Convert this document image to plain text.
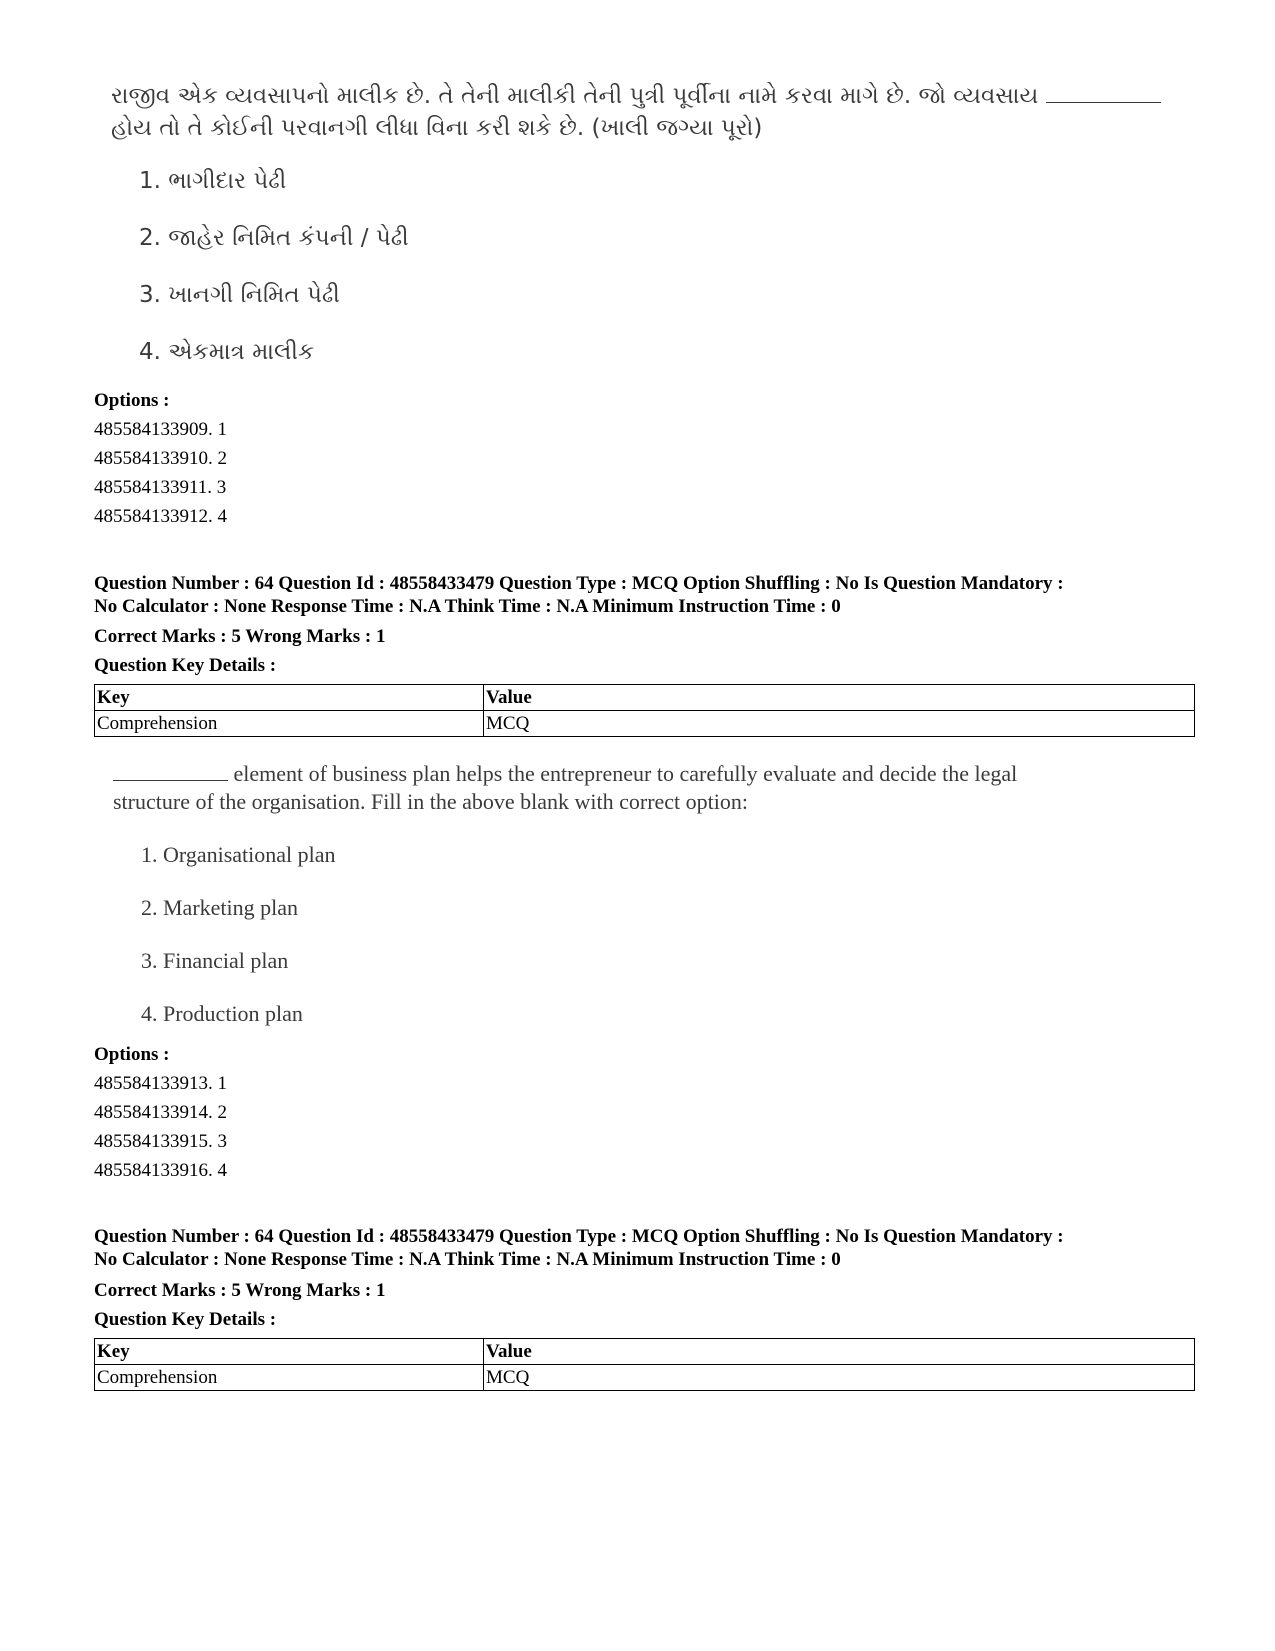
રાજીવ એક વ્યવસાપનો માલીક છે. તે તેની માલીકી તેની પુત્રી પૂર્વીના નામે કરવા માગે છે. જો વ્યવસાય

હોય તો તે કોઈની પરવાનગી લીધા વિના કરી શકે છે. (ખાલી જગ્યા પૂરો)

1. ભાગીદાર પેઢી

2. જાહેર નિમિત કંપની / પેઢી

3. ખાનગી નિમિત પેઢી

4. એકમાત્ર માલીક

Options :
485584133909. 1
485584133910. 2
485584133911. 3
485584133912. 4
Question Number : 64 Question Id : 48558433479 Question Type : MCQ Option Shuffling : No Is Question Mandatory :
No Calculator : None Response Time : N.A Think Time : N.A Minimum Instruction Time : 0
Correct Marks : 5 Wrong Marks : 1
Question Key Details :
Key	Value
Comprehension	MCQ

element of business plan helps the entrepreneur to carefully evaluate and decide the legal

structure of the organisation. Fill in the above blank with correct option:

1. Organisational plan

2. Marketing plan

3. Financial plan

4. Production plan

Options :
485584133913. 1
485584133914. 2
485584133915. 3
485584133916. 4
Question Number : 64 Question Id : 48558433479 Question Type : MCQ Option Shuffling : No Is Question Mandatory :
No Calculator : None Response Time : N.A Think Time : N.A Minimum Instruction Time : 0
Correct Marks : 5 Wrong Marks : 1
Question Key Details :
Key	Value
Comprehension	MCQ
